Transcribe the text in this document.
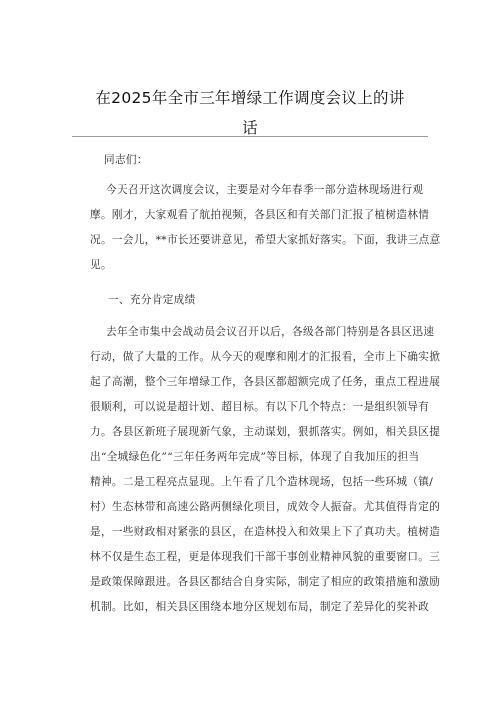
在2025年全市三年增绿工作调度会议上的讲
话
同志们：
今天召开这次调度会议，主要是对今年春季一部分造林现场进行观
摩。刚才，大家观看了航拍视频，各县区和有关部门汇报了植树造林情
况。一会儿，**市长还要讲意见，希望大家抓好落实。下面，我讲三点意
见。
一、充分肯定成绩
去年全市集中会战动员会议召开以后，各级各部门特别是各县区迅速
行动，做了大量的工作。从今天的观摩和刚才的汇报看，全市上下确实掀
起了高潮，整个三年增绿工作，各县区都超额完成了任务，重点工程进展
很顺利，可以说是超计划、超目标。有以下几个特点：一是组织领导有
力。各县区新班子展现新气象，主动谋划，狠抓落实。例如，相关县区提
出“全城绿色化”“三年任务两年完成”等目标，体现了自我加压的担当
精神。二是工程亮点显现。上午看了几个造林现场，包括一些环城（镇/
村）生态林带和高速公路两侧绿化项目，成效令人振奋。尤其值得肯定的
是，一些财政相对紧张的县区，在造林投入和效果上下了真功夫。植树造
林不仅是生态工程，更是体现我们干部干事创业精神风貌的重要窗口。三
是政策保障跟进。各县区都结合自身实际，制定了相应的政策措施和激励
机制。比如，相关县区围绕本地分区规划布局，制定了差异化的奖补政
